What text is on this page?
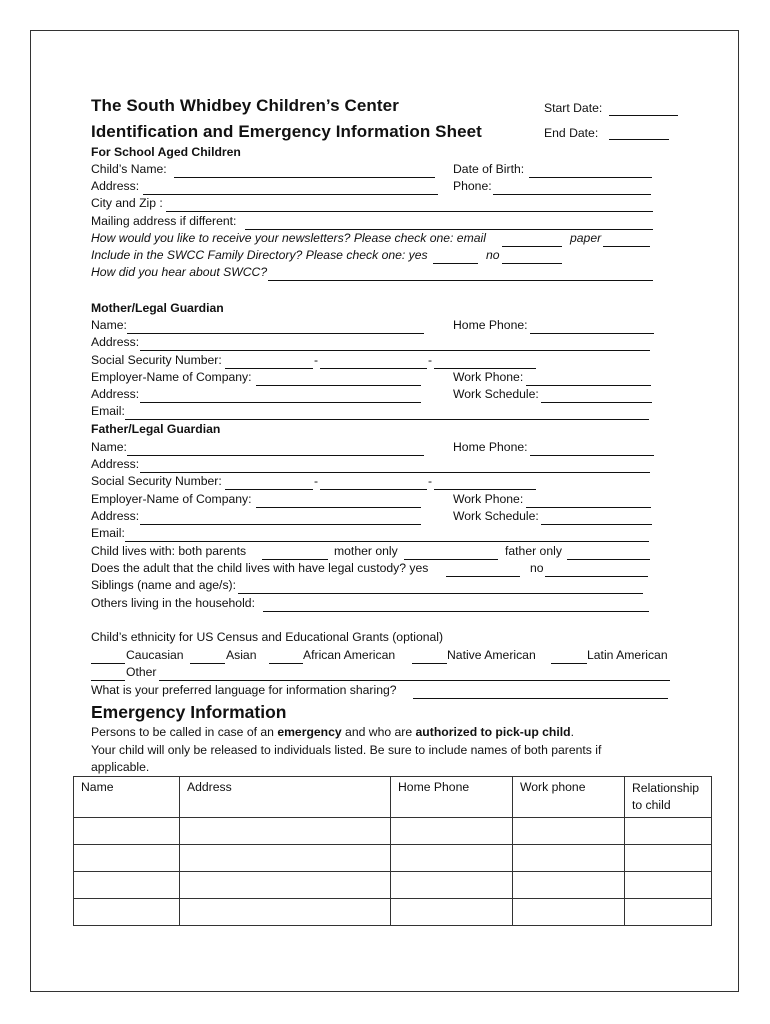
The South Whidbey Children’s Center
Identification and Emergency Information Sheet
Start Date:
End Date:
For School Aged Children
Child’s Name:	Date of Birth:
Address:	Phone:
City and Zip :
Mailing address if different:
How would you like to receive your newsletters? Please check one: email	paper
Include in the SWCC Family Directory? Please check one: yes	no
How did you hear about SWCC?
Mother/Legal Guardian
Name:	Home Phone:
Address:
Social Security Number:	-	-
Employer-Name of Company:	Work Phone:
Address:	Work Schedule:
Email:
Father/Legal Guardian
Name:	Home Phone:
Address:
Social Security Number:	-	-
Employer-Name of Company:	Work Phone:
Address:	Work Schedule:
Email:
Child lives with: both parents	mother only	father only
Does the adult that the child lives with have legal custody? yes	no
Siblings (name and age/s):
Others living in the household:
Child’s ethnicity for US Census and Educational Grants (optional)
Caucasian	Asian	African American	Native American	Latin American
Other
What is your preferred language for information sharing?
Emergency Information
Persons to be called in case of an emergency and who are authorized to pick-up child.
Your child will only be released to individuals listed. Be sure to include names of both parents if
applicable.
Name	Address	Home Phone	Work phone	Relationship to child
